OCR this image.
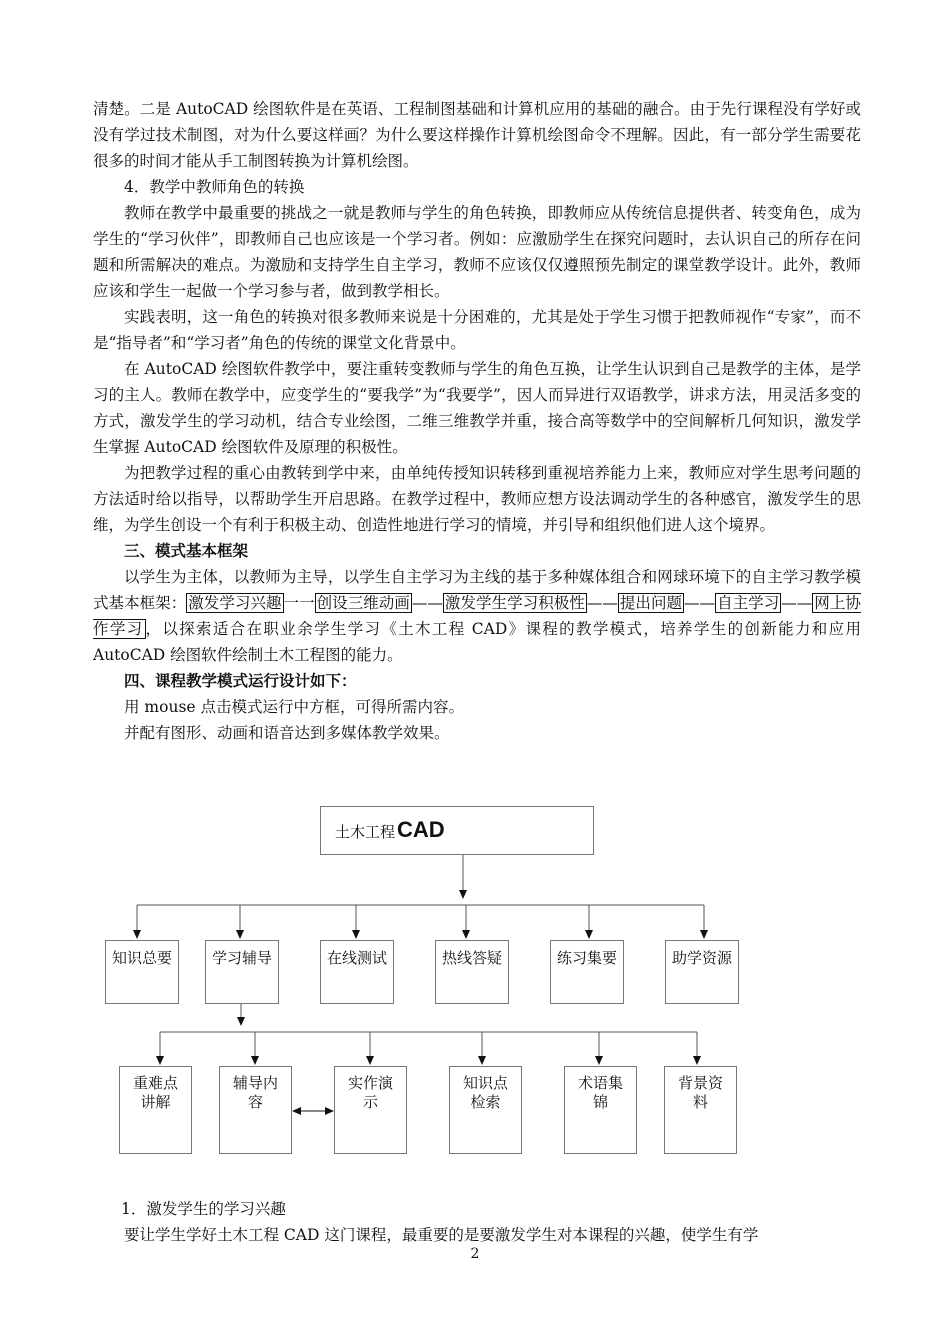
清楚。二是 AutoCAD 绘图软件是在英语、工程制图基础和计算机应用的基础的融合。由于先行课程没有学好或没有学过技术制图，对为什么要这样画？为什么要这样操作计算机绘图命令不理解。因此，有一部分学生需要花很多的时间才能从手工制图转换为计算机绘图。

4．教学中教师角色的转换

教师在教学中最重要的挑战之一就是教师与学生的角色转换，即教师应从传统信息提供者、转变角色，成为学生的“学习伙伴”，即教师自己也应该是一个学习者。例如：应激励学生在探究问题时，去认识自己的所存在问题和所需解决的难点。为激励和支持学生自主学习，教师不应该仅仅遵照预先制定的课堂教学设计。此外，教师应该和学生一起做一个学习参与者，做到教学相长。

实践表明，这一角色的转换对很多教师来说是十分困难的，尤其是处于学生习惯于把教师视作“专家”，而不是“指导者”和“学习者”角色的传统的课堂文化背景中。

在 AutoCAD 绘图软件教学中，要注重转变教师与学生的角色互换，让学生认识到自己是教学的主体，是学习的主人。教师在教学中，应变学生的“要我学”为“我要学”，因人而异进行双语教学，讲求方法，用灵活多变的方式，激发学生的学习动机，结合专业绘图，二维三维教学并重，接合高等数学中的空间解析几何知识，激发学生掌握 AutoCAD 绘图软件及原理的积极性。

为把教学过程的重心由教转到学中来，由单纯传授知识转移到重视培养能力上来，教师应对学生思考问题的方法适时给以指导，以帮助学生开启思路。在教学过程中，教师应想方设法调动学生的各种感官，激发学生的思维，为学生创设一个有利于积极主动、创造性地进行学习的情境，并引导和组织他们进人这个境界。

三、模式基本框架

以学生为主体，以教师为主导，以学生自主学习为主线的基于多种媒体组合和网球环境下的自主学习教学模式基本框架： 激发学习兴趣 一一 创设三维动画 —— 激发学生学习积极性 —— 提出问题 —— 自主学习 —— 网上协作学习 ，以探索适合在职业余学生学习《土木工程 CAD》课程的教学模式，培养学生的创新能力和应用 AutoCAD 绘图软件绘制土木工程图的能力。

四、课程教学模式运行设计如下：

用 mouse 点击模式运行中方框，可得所需内容。

并配有图形、动画和语音达到多媒体教学效果。

土木工程CAD
知识总要	学习辅导	在线测试	热线答疑	练习集要	助学资源
重难点讲解
辅导内容
实作演示
知识点检索
术语集锦
背景资料

1．激发学生的学习兴趣

要让学生学好土木工程 CAD 这门课程，最重要的是要激发学生对本课程的兴趣，使学生有学

2
